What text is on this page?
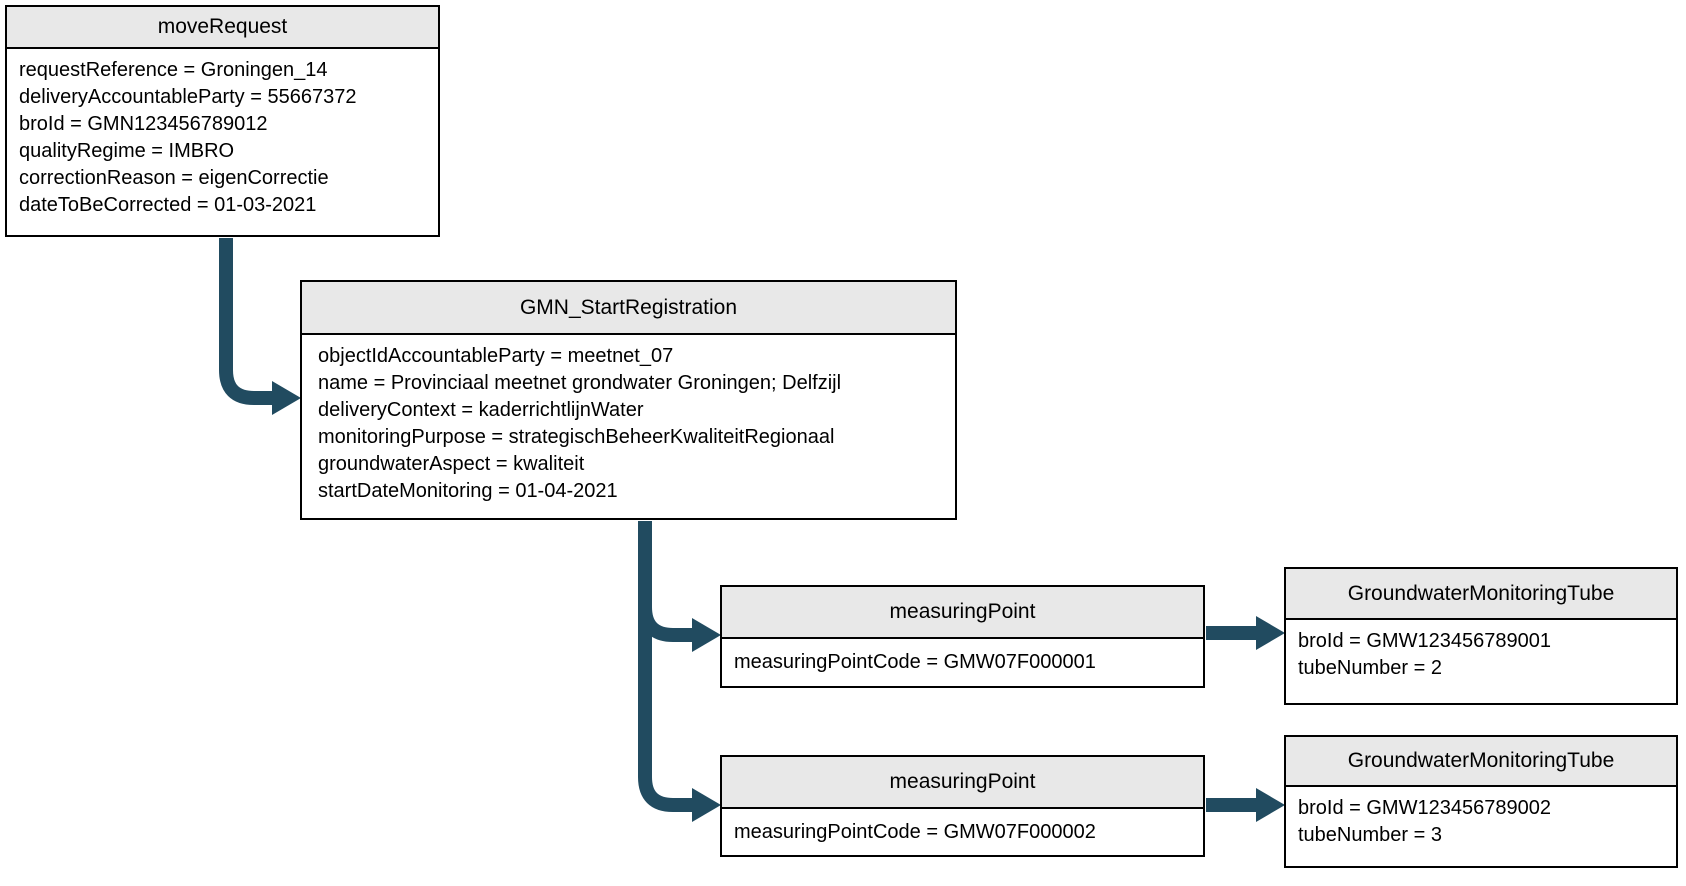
moveRequest
requestReference = Groningen_14
deliveryAccountableParty = 55667372
broId = GMN123456789012
qualityRegime = IMBRO
correctionReason = eigenCorrectie
dateToBeCorrected = 01-03-2021
GMN_StartRegistration
objectIdAccountableParty = meetnet_07
name = Provinciaal meetnet grondwater Groningen; Delfzijl
deliveryContext = kaderrichtlijnWater
monitoringPurpose = strategischBeheerKwaliteitRegionaal
groundwaterAspect = kwaliteit
startDateMonitoring = 01-04-2021
measuringPoint
measuringPointCode = GMW07F000001
GroundwaterMonitoringTube
broId = GMW123456789001
tubeNumber = 2
measuringPoint
measuringPointCode = GMW07F000002
GroundwaterMonitoringTube
broId = GMW123456789002
tubeNumber = 3
